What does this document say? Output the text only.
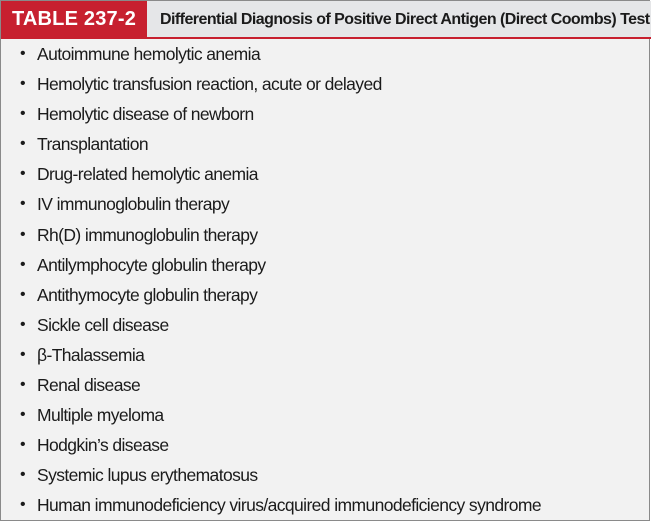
TABLE 237-2	Differential Diagnosis of Positive Direct Antigen (Direct Coombs) Test
• Autoimmune hemolytic anemia
• Hemolytic transfusion reaction, acute or delayed
• Hemolytic disease of newborn
• Transplantation
• Drug-related hemolytic anemia
• IV immunoglobulin therapy
• Rh(D) immunoglobulin therapy
• Antilymphocyte globulin therapy
• Antithymocyte globulin therapy
• Sickle cell disease
• β-Thalassemia
• Renal disease
• Multiple myeloma
• Hodgkin’s disease
• Systemic lupus erythematosus
• Human immunodeficiency virus/acquired immunodeficiency syndrome
